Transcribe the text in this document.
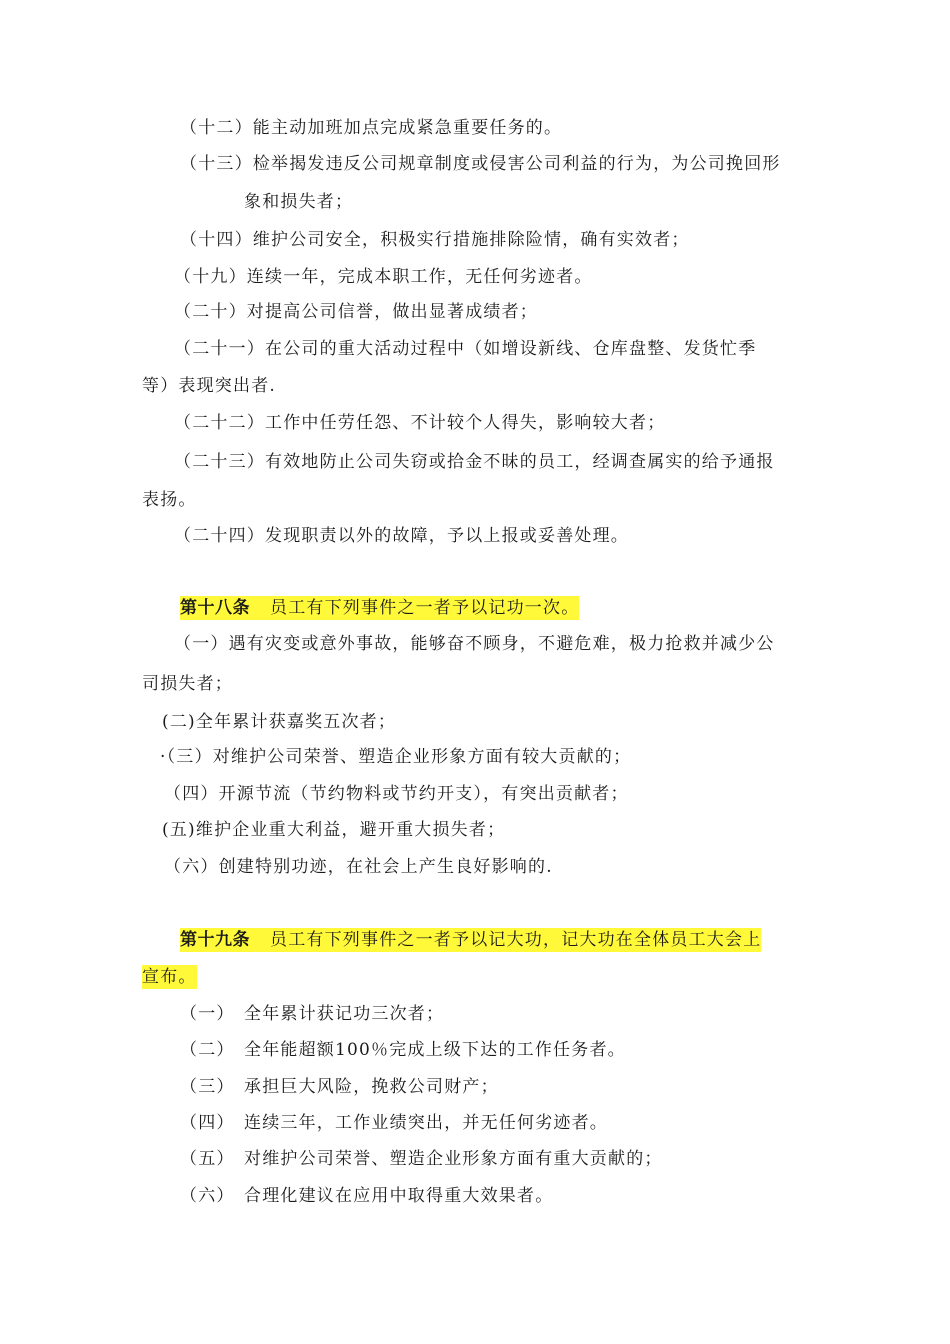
（十二）能主动加班加点完成紧急重要任务的。
（十三）检举揭发违反公司规章制度或侵害公司利益的行为，为公司挽回形
象和损失者；
（十四）维护公司安全，积极实行措施排除险情，确有实效者；
（十九）连续一年，完成本职工作，无任何劣迹者。
（二十）对提高公司信誉，做出显著成绩者；
（二十一）在公司的重大活动过程中（如增设新线、仓库盘整、发货忙季
等）表现突出者.
（二十二）工作中任劳任怨、不计较个人得失，影响较大者；
（二十三）有效地防止公司失窃或拾金不昧的员工，经调查属实的给予通报
表扬。
（二十四）发现职责以外的故障，予以上报或妥善处理。
第十八条 员工有下列事件之一者予以记功一次。
（一）遇有灾变或意外事故，能够奋不顾身，不避危难，极力抢救并减少公
司损失者；
(二)全年累计获嘉奖五次者；
·（三）对维护公司荣誉、塑造企业形象方面有较大贡献的；
（四）开源节流（节约物料或节约开支），有突出贡献者；
(五)维护企业重大利益，避开重大损失者；
（六）创建特别功迹，在社会上产生良好影响的.
第十九条 员工有下列事件之一者予以记大功，记大功在全体员工大会上
宣布。
（一） 全年累计获记功三次者；
（二） 全年能超额100％完成上级下达的工作任务者。
（三） 承担巨大风险，挽救公司财产；
（四） 连续三年，工作业绩突出，并无任何劣迹者。
（五） 对维护公司荣誉、塑造企业形象方面有重大贡献的；
（六） 合理化建议在应用中取得重大效果者。
